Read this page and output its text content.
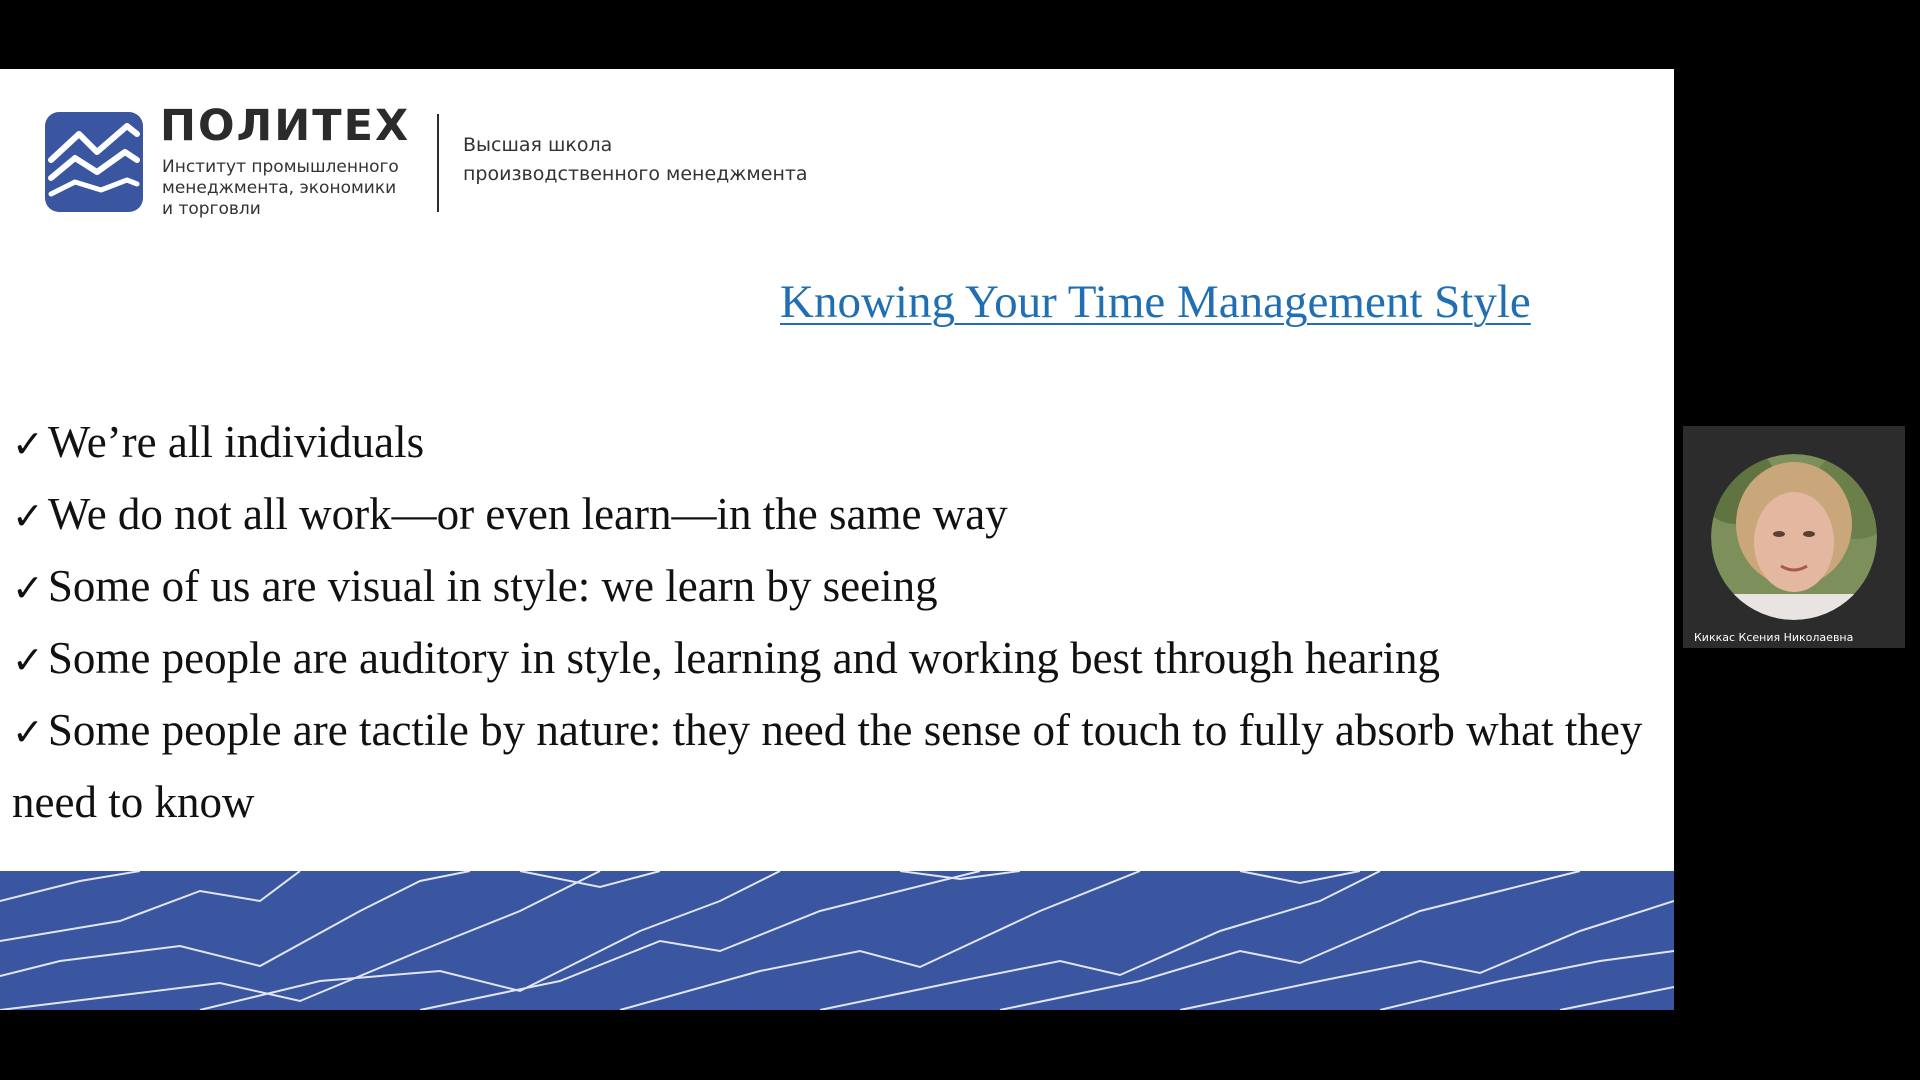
ПОЛИТЕХ
Институт промышленного
менеджмента, экономики
и торговли
Высшая школа
производственного менеджмента
Knowing Your Time Management Style
✓We’re all individuals
✓We do not all work—or even learn—in the same way
✓Some of us are visual in style: we learn by seeing
✓Some people are auditory in style, learning and working best through hearing
✓Some people are tactile by nature: they need the sense of touch to fully absorb what they need to know
Киккас Ксения Николаевна
